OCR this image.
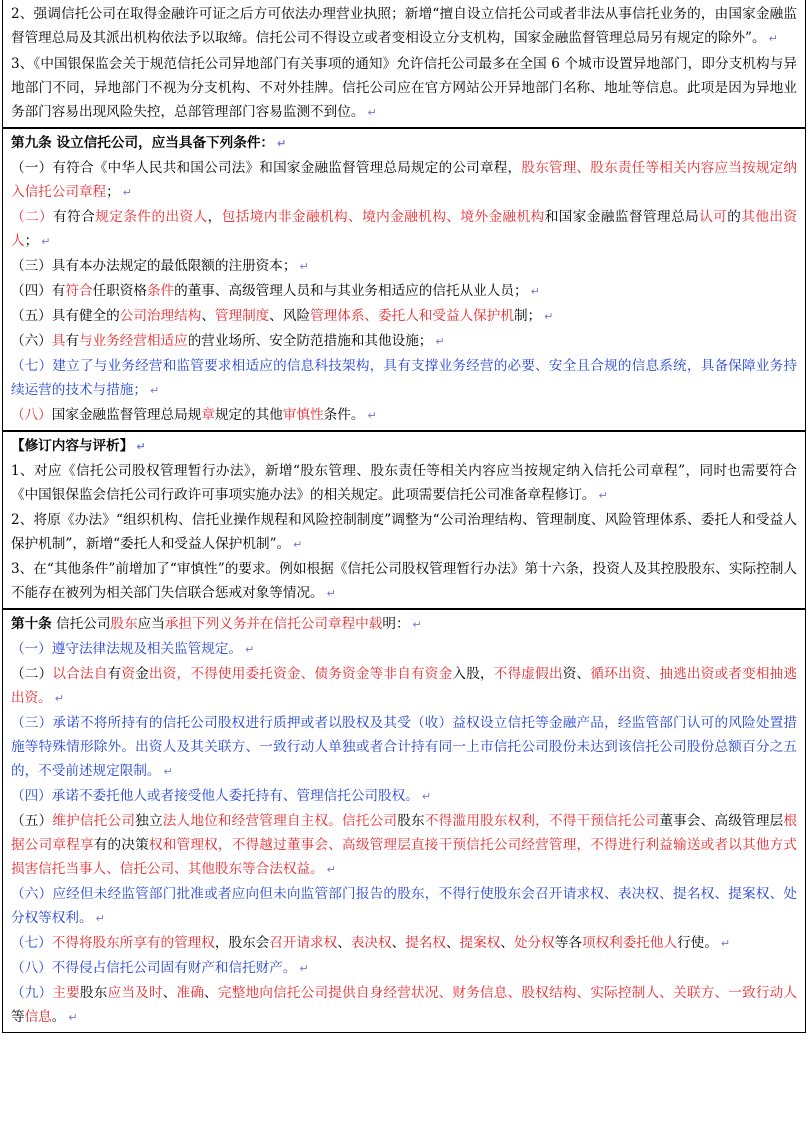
2、强调信托公司在取得金融许可证之后方可依法办理营业执照；新增“擅自设立信托公司或者非法从事信托业务的，由国家金融监督管理总局及其派出机构依法予以取缔。信托公司不得设立或者变相设立分支机构，国家金融监督管理总局另有规定的除外”。 ↵

3、《中国银保监会关于规范信托公司异地部门有关事项的通知》允许信托公司最多在全国 6 个城市设置异地部门，即分支机构与异地部门不同，异地部门不视为分支机构、不对外挂牌。信托公司应在官方网站公开异地部门名称、地址等信息。此项是因为异地业务部门容易出现风险失控，总部管理部门容易监测不到位。 ↵

第九条 设立信托公司，应当具备下列条件： ↵

（一）有符合《中华人民共和国公司法》和国家金融监督管理总局规定的公司章程，股东管理、股东责任等相关内容应当按规定纳入信托公司章程； ↵

（二）有符合规定条件的出资人，包括境内非金融机构、境内金融机构、境外金融机构和国家金融监督管理总局认可的其他出资人； ↵

（三）具有本办法规定的最低限额的注册资本； ↵

（四）有符合任职资格条件的董事、高级管理人员和与其业务相适应的信托从业人员； ↵

（五）具有健全的公司治理结构、管理制度、风险管理体系、委托人和受益人保护机制； ↵

（六）具有与业务经营相适应的营业场所、安全防范措施和其他设施； ↵

（七）建立了与业务经营和监管要求相适应的信息科技架构，具有支撑业务经营的必要、安全且合规的信息系统，具备保障业务持续运营的技术与措施； ↵

（八）国家金融监督管理总局规章规定的其他审慎性条件。 ↵

【修订内容与评析】 ↵

1、对应《信托公司股权管理暂行办法》，新增“股东管理、股东责任等相关内容应当按规定纳入信托公司章程”，同时也需要符合《中国银保监会信托公司行政许可事项实施办法》的相关规定。此项需要信托公司准备章程修订。 ↵

2、将原《办法》“组织机构、信托业操作规程和风险控制制度”调整为“公司治理结构、管理制度、风险管理体系、委托人和受益人保护机制”，新增“委托人和受益人保护机制”。 ↵

3、在“其他条件”前增加了“审慎性”的要求。例如根据《信托公司股权管理暂行办法》第十六条，投资人及其控股股东、实际控制人不能存在被列为相关部门失信联合惩戒对象等情况。 ↵

第十条 信托公司股东应当承担下列义务并在信托公司章程中载明： ↵

（一）遵守法律法规及相关监管规定。 ↵

（二）以合法自有资金出资，不得使用委托资金、债务资金等非自有资金入股，不得虚假出资、循环出资、抽逃出资或者变相抽逃出资。 ↵

（三）承诺不将所持有的信托公司股权进行质押或者以股权及其受（收）益权设立信托等金融产品，经监管部门认可的风险处置措施等特殊情形除外。出资人及其关联方、一致行动人单独或者合计持有同一上市信托公司股份未达到该信托公司股份总额百分之五的，不受前述规定限制。 ↵

（四）承诺不委托他人或者接受他人委托持有、管理信托公司股权。 ↵

（五）维护信托公司独立法人地位和经营管理自主权。信托公司股东不得滥用股东权利，不得干预信托公司董事会、高级管理层根据公司章程享有的决策权和管理权，不得越过董事会、高级管理层直接干预信托公司经营管理，不得进行利益输送或者以其他方式损害信托当事人、信托公司、其他股东等合法权益。 ↵

（六）应经但未经监管部门批准或者应向但未向监管部门报告的股东，不得行使股东会召开请求权、表决权、提名权、提案权、处分权等权利。 ↵

（七）不得将股东所享有的管理权，股东会召开请求权、表决权、提名权、提案权、处分权等各项权利委托他人行使。 ↵

（八）不得侵占信托公司固有财产和信托财产。 ↵

（九）主要股东应当及时、准确、完整地向信托公司提供自身经营状况、财务信息、股权结构、实际控制人、关联方、一致行动人等信息。 ↵
